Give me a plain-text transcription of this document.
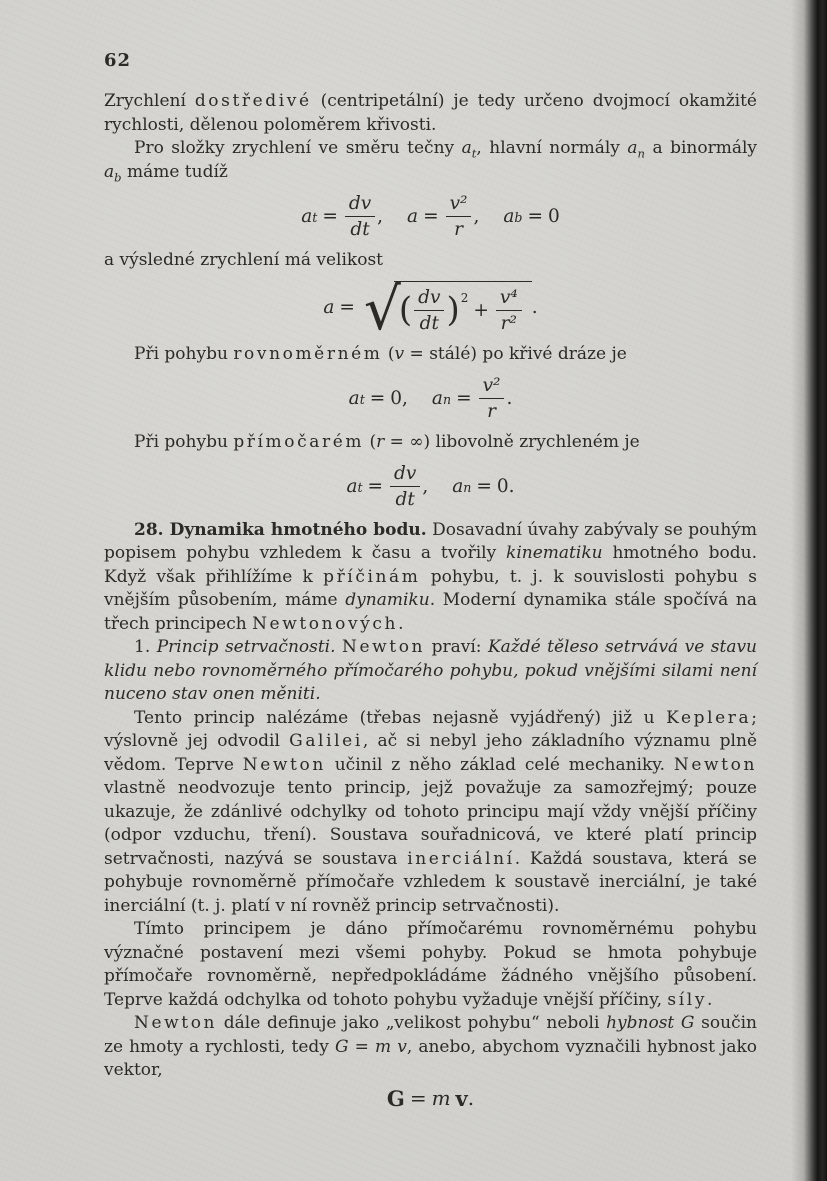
62

Zrychlení dostředivé (centripetální) je tedy určeno dvojmocí okamžité rychlosti, dělenou poloměrem křivosti.

Pro složky zrychlení ve směru tečny $a_t$, hlavní normály $a_n$ a binormály $a_b$ máme tudíž

a $t = \frac{dv}{dt}$ , $a = \frac{\text{v²}}{r}$ , a b = 0

a výsledné zrychlení má velikost

a = √
( $\frac{dv}{dt}$ ) 2
+ $\frac{\text{v⁴}}{\text{r²}}$ .

Při pohybu rovnoměrném (v = stálé) po křivé dráze je

a t = 0, a $n = \frac{\text{v²}}{r}$ .

Při pohybu přímočarém (r = ∞) libovolně zrychleném je

a $t = \frac{dv}{dt}$ , a n = 0.

28. Dynamika hmotného bodu. Dosavadní úvahy zabývaly se pouhým popisem pohybu vzhledem k času a tvořily kinematiku hmotného bodu. Když však přihlížíme k příčinám pohybu, t. j. k souvislosti pohybu s vnějším působením, máme dynamiku. Moderní dynamika stále spočívá na třech principech Newtonových.

1. Princip setrvačnosti. Newton praví: Každé těleso setrvává ve stavu klidu nebo rovnoměrného přímočarého pohybu, pokud vnějšími silami není nuceno stav onen měniti.

Tento princip nalézáme (třebas nejasně vyjádřený) již u Keplera; výslovně jej odvodil Galilei, ač si nebyl jeho základního významu plně vědom. Teprve Newton učinil z něho základ celé mechaniky. Newton vlastně neodvozuje tento princip, jejž považuje za samozřejmý; pouze ukazuje, že zdánlivé odchylky od tohoto principu mají vždy vnější příčiny (odpor vzduchu, tření). Soustava souřadnicová, ve které platí princip setrvačnosti, nazývá se soustava inerciální. Každá soustava, která se pohybuje rovnoměrně přímočaře vzhledem k soustavě inerciální, je také inerciální (t. j. platí v ní rovněž princip setrvačnosti).

Tímto principem je dáno přímočarému rovnoměrnému pohybu význačné postavení mezi všemi pohyby. Pokud se hmota pohybuje přímočaře rovnoměrně, nepředpokládáme žádného vnějšího působení. Teprve každá odchylka od tohoto pohybu vyžaduje vnější příčiny, síly.

Newton dále definuje jako „velikost pohybu“ neboli hybnost G součin ze hmoty a rychlosti, tedy G = m v, anebo, abychom vyznačili hybnost jako vektor,

G = m v .
